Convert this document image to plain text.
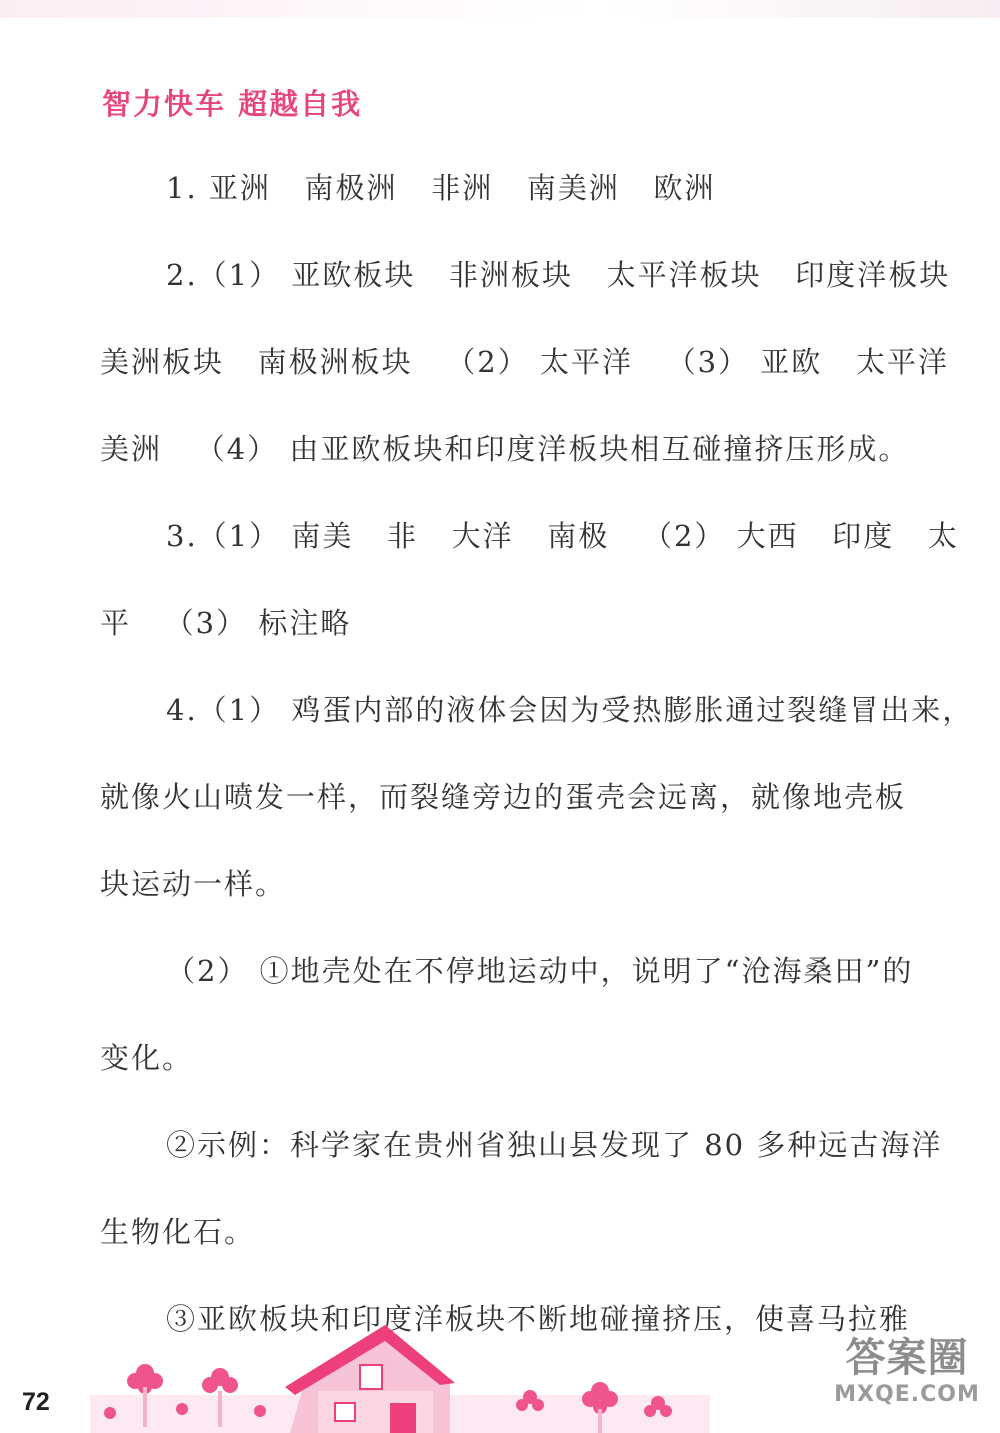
智力快车 超越自我
1. 亚洲   南极洲   非洲   南美洲   欧洲
2.（1） 亚欧板块   非洲板块   太平洋板块   印度洋板块
美洲板块   南极洲板块   （2） 太平洋   （3） 亚欧   太平洋
美洲   （4） 由亚欧板块和印度洋板块相互碰撞挤压形成。
3.（1） 南美   非   大洋   南极   （2） 大西   印度   太
平   （3） 标注略
4.（1） 鸡蛋内部的液体会因为受热膨胀通过裂缝冒出来，
就像火山喷发一样，而裂缝旁边的蛋壳会远离，就像地壳板
块运动一样。
（2） ①地壳处在不停地运动中，说明了“沧海桑田”的
变化。
②示例：科学家在贵州省独山县发现了 80 多种远古海洋
生物化石。
③亚欧板块和印度洋板块不断地碰撞挤压，使喜马拉雅
72
答案圈
MXQE.COM
